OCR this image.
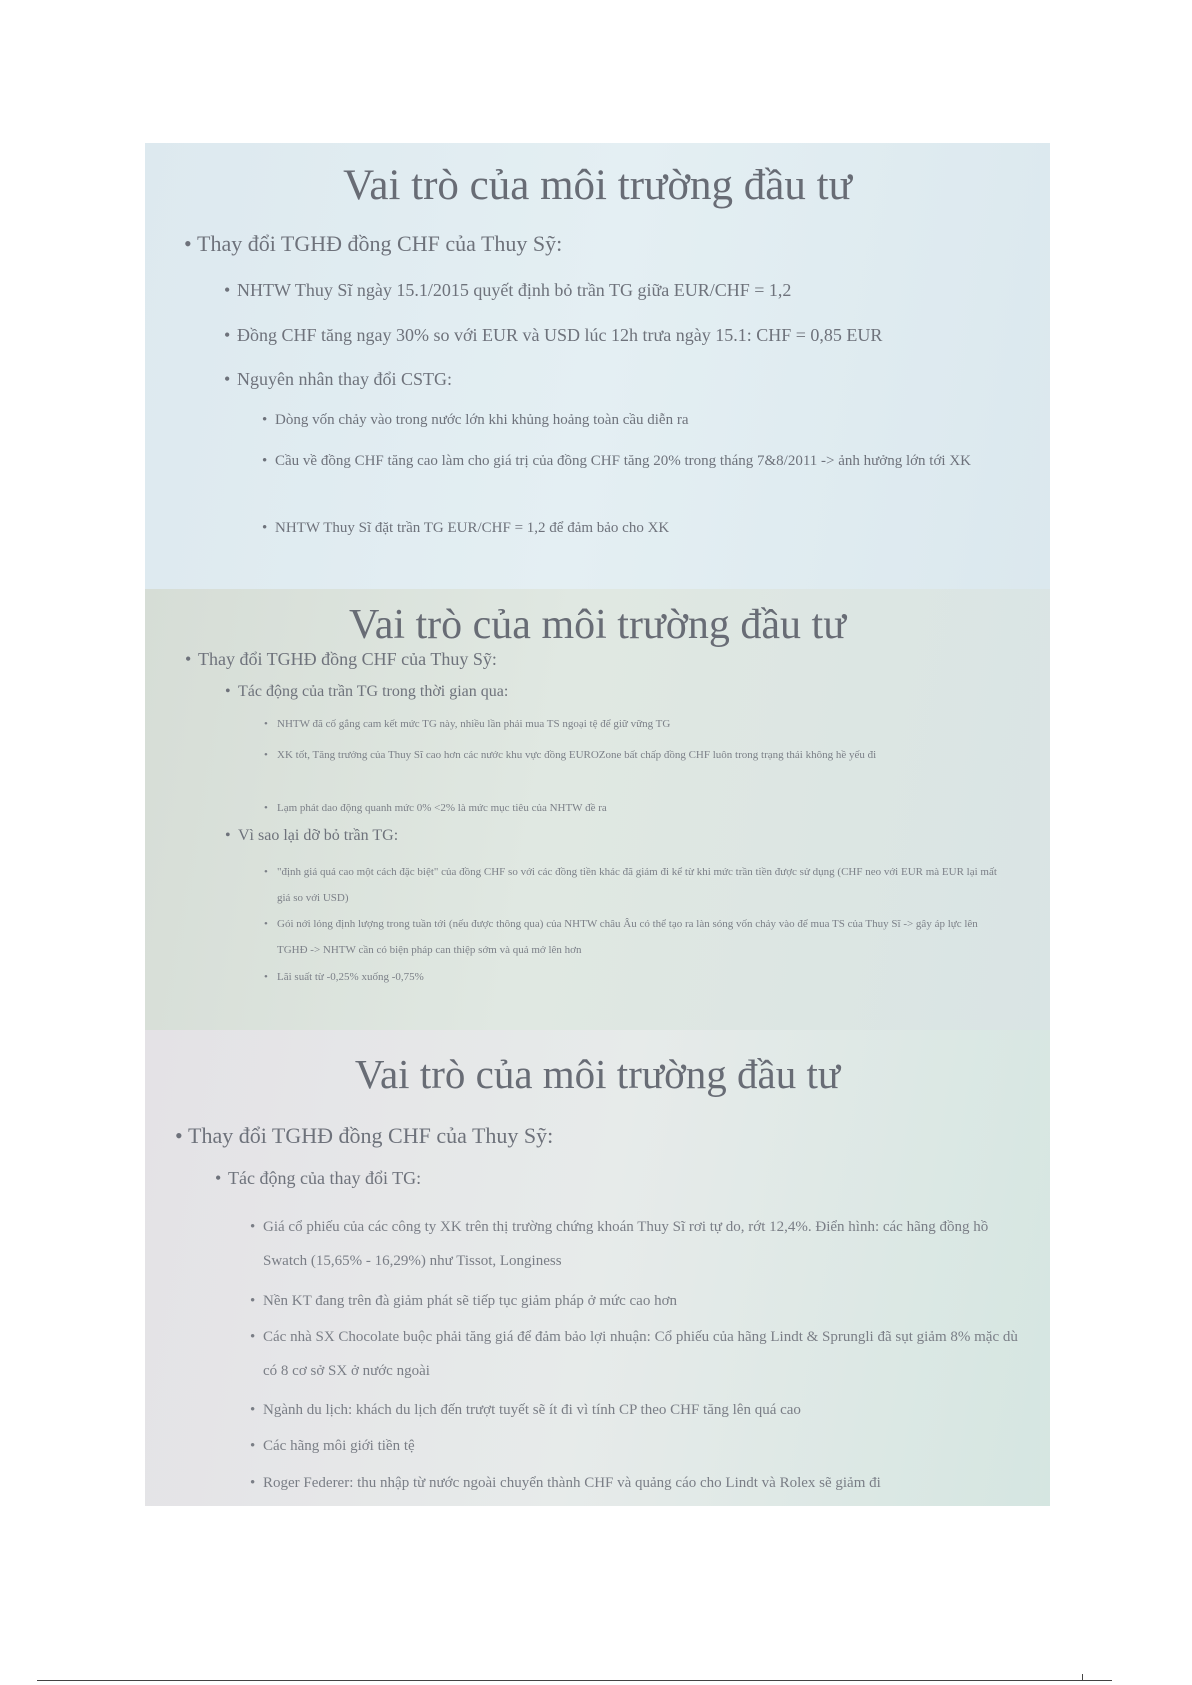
Vai trò của môi trường đầu tư
• Thay đổi TGHĐ đồng CHF của Thuy Sỹ:
• NHTW Thuy Sĩ ngày 15.1/2015 quyết định bỏ trần TG giữa EUR/CHF = 1,2
• Đồng CHF tăng ngay 30% so với EUR và USD lúc 12h trưa ngày 15.1: CHF = 0,85 EUR
• Nguyên nhân thay đổi CSTG:
• Dòng vốn chảy vào trong nước lớn khi khủng hoảng toàn cầu diễn ra
• Cầu về đồng CHF tăng cao làm cho giá trị của đồng CHF tăng 20% trong tháng 7&8/2011 -> ảnh hưởng lớn tới XK
• NHTW Thuy Sĩ đặt trần TG EUR/CHF = 1,2 để đảm bảo cho XK
Vai trò của môi trường đầu tư
• Thay đổi TGHĐ đồng CHF của Thuy Sỹ:
• Tác động của trần TG trong thời gian qua:
• NHTW đã cố gắng cam kết mức TG này, nhiều lần phải mua TS ngoại tệ để giữ vững TG
• XK tốt, Tăng trưởng của Thuy Sĩ cao hơn các nước khu vực đồng EUROZone bất chấp đồng CHF luôn trong trạng thái không hề yếu đi
• Lạm phát dao động quanh mức 0% <2% là mức mục tiêu của NHTW đề ra
• Vì sao lại dỡ bỏ trần TG:
• "định giá quá cao một cách đặc biệt" của đồng CHF so với các đồng tiền khác đã giảm đi kể từ khi mức trần tiền được sử dụng (CHF neo với EUR mà EUR lại mất giá so với USD)
• Gói nới lỏng định lượng trong tuần tới (nếu được thông qua) của NHTW châu Âu có thể tạo ra làn sóng vốn chảy vào để mua TS của Thuy Sĩ -> gây áp lực lên TGHĐ -> NHTW cần có biện pháp can thiệp sớm và quả mở lên hơn
• Lãi suất từ -0,25% xuống -0,75%
Vai trò của môi trường đầu tư
• Thay đổi TGHĐ đồng CHF của Thuy Sỹ:
• Tác động của thay đổi TG:
• Giá cổ phiếu của các công ty XK trên thị trường chứng khoán Thuy Sĩ rơi tự do, rớt 12,4%. Điển hình: các hãng đồng hồ Swatch (15,65% - 16,29%) như Tissot, Longiness
• Nền KT đang trên đà giảm phát sẽ tiếp tục giảm pháp ở mức cao hơn
• Các nhà SX Chocolate buộc phải tăng giá để đảm bảo lợi nhuận: Cổ phiếu của hãng Lindt & Sprungli đã sụt giảm 8% mặc dù có 8 cơ sở SX ở nước ngoài
• Ngành du lịch: khách du lịch đến trượt tuyết sẽ ít đi vì tính CP theo CHF tăng lên quá cao
• Các hãng môi giới tiền tệ
• Roger Federer: thu nhập từ nước ngoài chuyển thành CHF và quảng cáo cho Lindt và Rolex sẽ giảm đi
